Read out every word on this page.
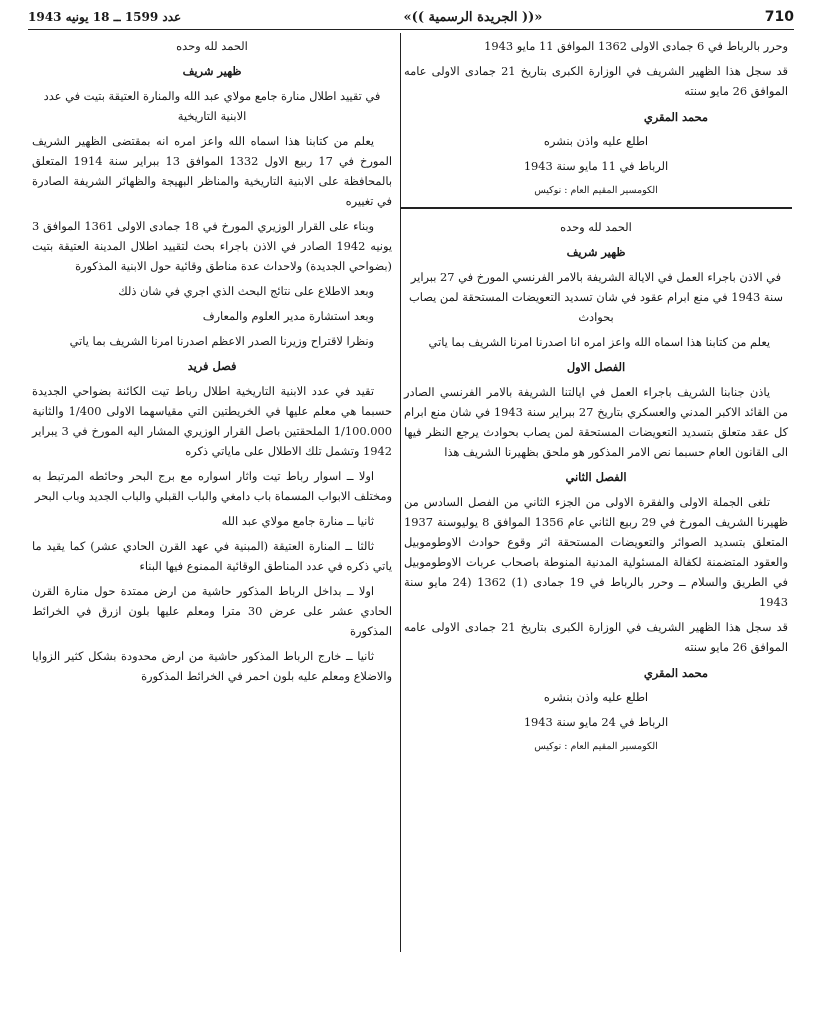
710
«(( الجريدة الرسمية ))»
عدد 1599 ــ 18 يونيه 1943

وحرر بالرباط في 6 جمادى الاولى 1362 الموافق 11 مايو 1943

قد سجل هذا الظهير الشريف في الوزارة الكبرى بتاريخ 21 جمادى الاولى عامه الموافق 26 مايو سنته

محمد المقري

اطلع عليه واذن بنشره

الرباط في 11 مايو سنة 1943

الكومسير المقيم العام : نوكيس

الحمد لله وحده

ظهير شريف

في الاذن باجراء العمل في الايالة الشريفة بالامر الفرنسي المورخ في 27 ببراير سنة 1943 في منع ابرام عقود في شان تسديد التعويضات المستحقة لمن يصاب بحوادث

يعلم من كتابنا هذا اسماه الله واعز امره انا اصدرنا امرنا الشريف بما ياتي

الفصل الاول

ياذن جنابنا الشريف باجراء العمل في ايالتنا الشريفة بالامر الفرنسي الصادر من القائد الاكبر المدني والعسكري بتاريخ 27 ببراير سنة 1943 في شان منع ابرام كل عقد متعلق بتسديد التعويضات المستحقة لمن يصاب بحوادث يرجع النظر فيها الى القانون العام حسبما نص الامر المذكور هو ملحق بظهيرنا الشريف هذا

الفصل الثاني

تلغى الجملة الاولى والفقرة الاولى من الجزء الثاني من الفصل السادس من ظهيرنا الشريف المورخ في 29 ربيع الثاني عام 1356 الموافق 8 يوليوسنة 1937 المتعلق بتسديد الصوائر والتعويضات المستحقة اثر وقوع حوادث الاوطوموبيل والعقود المتضمنة لكفالة المسئولية المدنية المنوطة باصحاب عربات الاوطوموبيل في الطريق والسلام ــ وحرر بالرباط في 19 جمادى (1) 1362 (24 مايو سنة 1943

قد سجل هذا الظهير الشريف في الوزارة الكبرى بتاريخ 21 جمادى الاولى عامه الموافق 26 مايو سنته

محمد المقري

اطلع عليه واذن بنشره

الرباط في 24 مايو سنة 1943

الكومسير المقيم العام : نوكيس

الحمد لله وحده

ظهير شريف

في تقييد اطلال منارة جامع مولاي عبد الله والمنارة العتيقة بتيت في عدد الابنية التاريخية

يعلم من كتابنا هذا اسماه الله واعز امره انه بمقتضى الظهير الشريف المورخ في 17 ربيع الاول 1332 الموافق 13 ببراير سنة 1914 المتعلق بالمحافظة على الابنية التاريخية والمناظر البهيجة والظهائر الشريفة الصادرة في تغييره

وبناء على القرار الوزيري المورخ في 18 جمادى الاولى 1361 الموافق 3 يونيه 1942 الصادر في الاذن باجراء بحث لتقييد اطلال المدينة العتيقة بتيت (بضواحي الجديدة) ولاحداث عدة مناطق وقائية حول الابنية المذكورة

وبعد الاطلاع على نتائج البحث الذي اجري في شان ذلك

وبعد استشارة مدير العلوم والمعارف

ونظرا لاقتراح وزيرنا الصدر الاعظم اصدرنا امرنا الشريف بما ياتي

فصل فريد

تقيد في عدد الابنية التاريخية اطلال رباط تيت الكائنة بضواحي الجديدة حسبما هي معلم عليها في الخريطتين التي مقياسهما الاولى 1/400 والثانية 1/100.000 الملحقتين باصل القرار الوزيري المشار اليه المورخ في 3 يبراير 1942 وتشمل تلك الاطلال على ماياتي ذكره

اولا ــ اسوار رباط تيت واثار اسواره مع برج البحر وحائطه المرتبط به ومختلف الابواب المسماة باب دامغي والباب القبلي والباب الجديد وباب البحر

ثانيا ــ منارة جامع مولاي عبد الله

ثالثا ــ المنارة العتيقة (المبنية في عهد القرن الحادي عشر) كما يقيد ما ياتي ذكره في عدد المناطق الوقائية الممنوع فيها البناء

اولا ــ بداخل الرباط المذكور حاشية من ارض ممتدة حول منارة القرن الحادي عشر على عرض 30 مترا ومعلم عليها بلون ازرق في الخرائط المذكورة

ثانيا ــ خارج الرباط المذكور حاشية من ارض محدودة بشكل كثير الزوايا والاضلاع ومعلم عليه بلون احمر في الخرائط المذكورة
